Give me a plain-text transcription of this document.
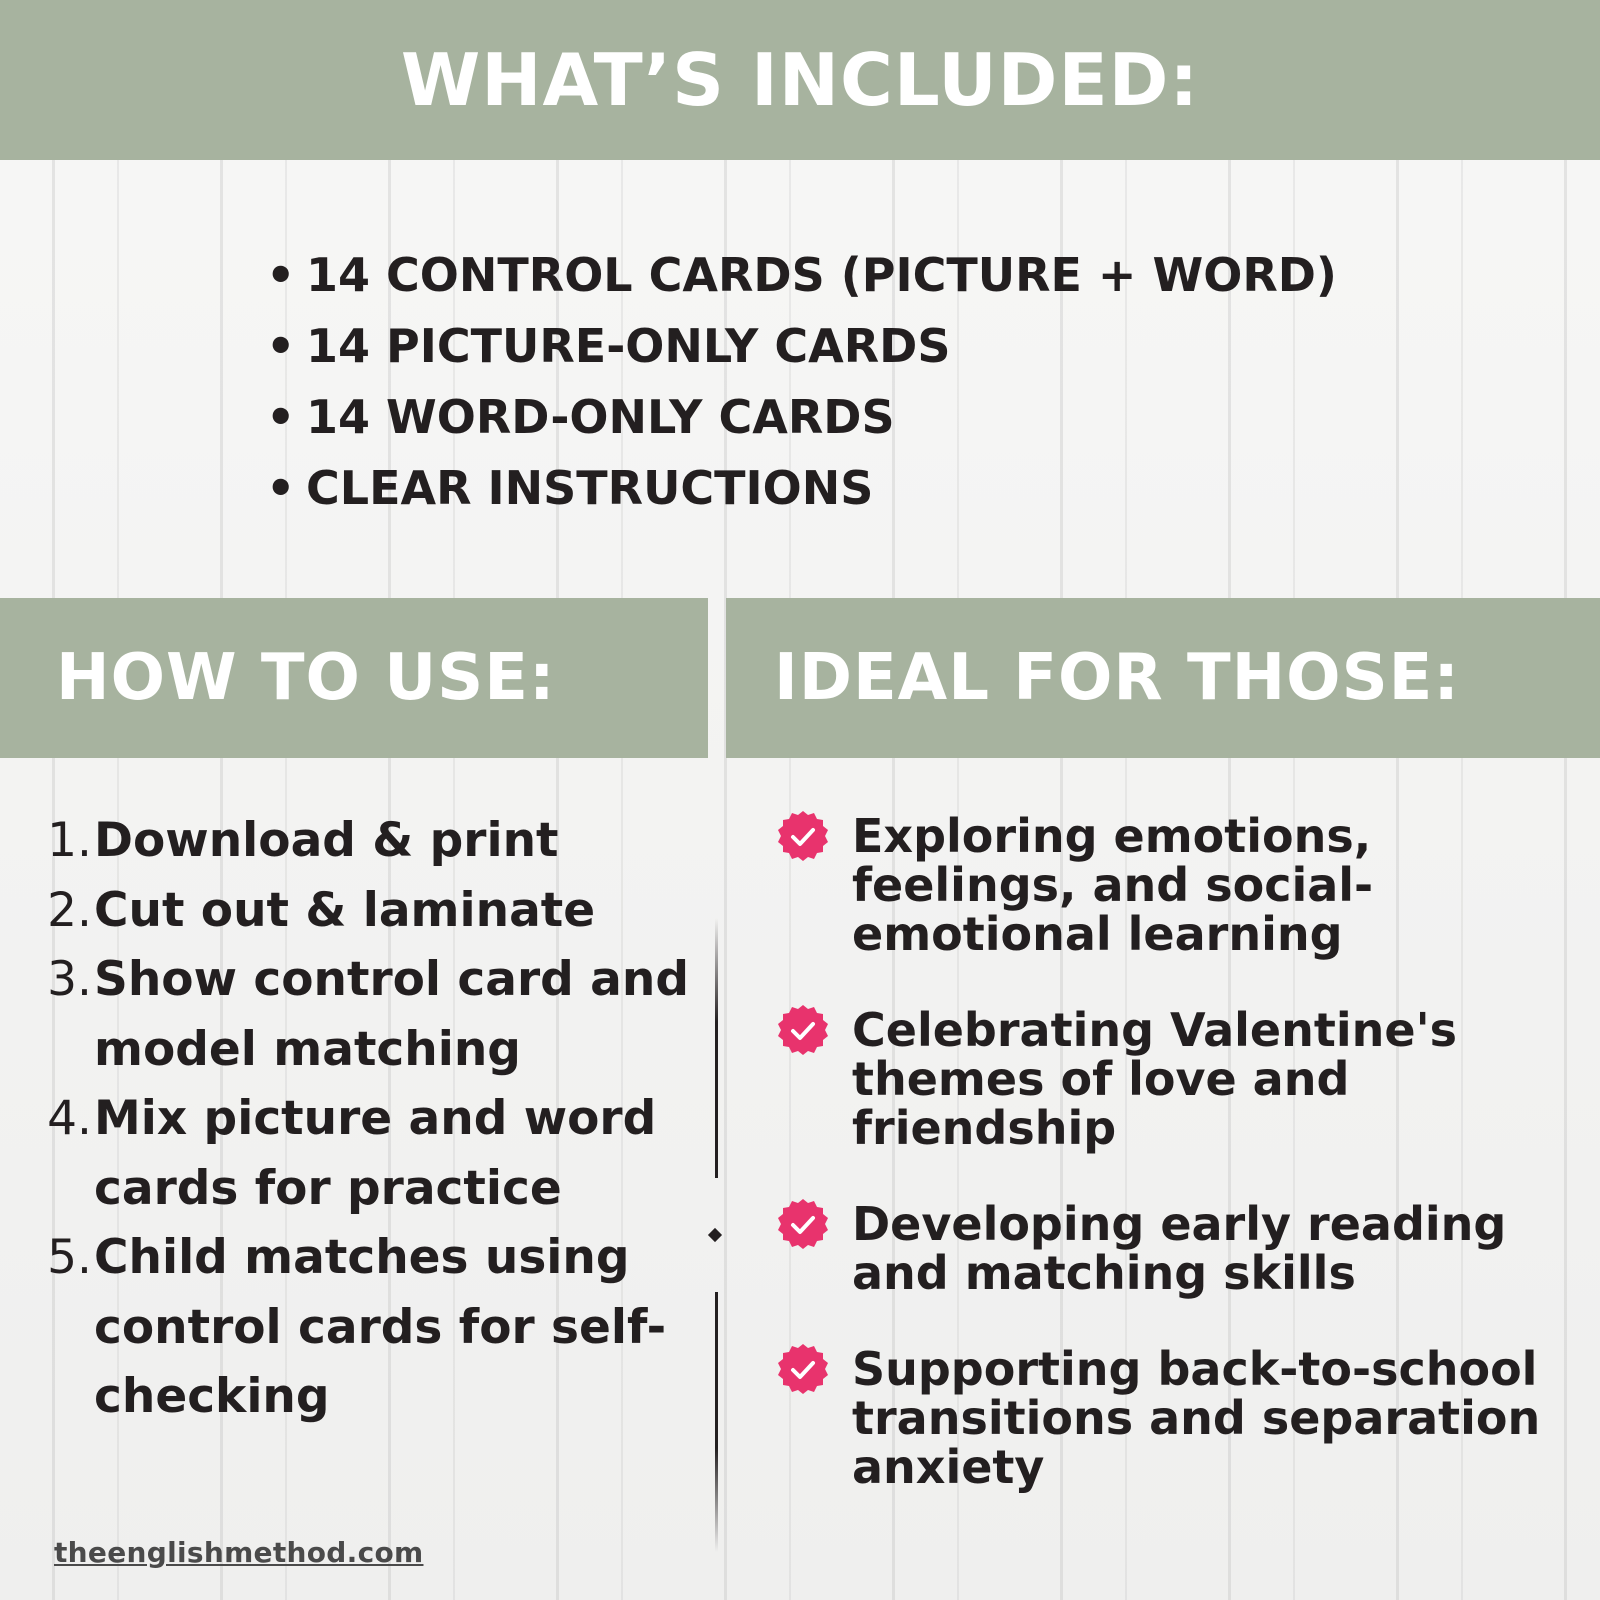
WHAT’S INCLUDED:
• 14 CONTROL CARDS (PICTURE + WORD)
• 14 PICTURE-ONLY CARDS
• 14 WORD-ONLY CARDS
• CLEAR INSTRUCTIONS
HOW TO USE:	IDEAL FOR THOSE:
1. Download & print
2. Cut out & laminate
3. Show control card and model matching
4. Mix picture and word cards for practice
5. Child matches using control cards for self-checking
Exploring emotions, feelings, and social-emotional learning
Celebrating Valentine's themes of love and friendship
Developing early reading and matching skills
Supporting back-to-school transitions and separation anxiety
theenglishmethod.com
